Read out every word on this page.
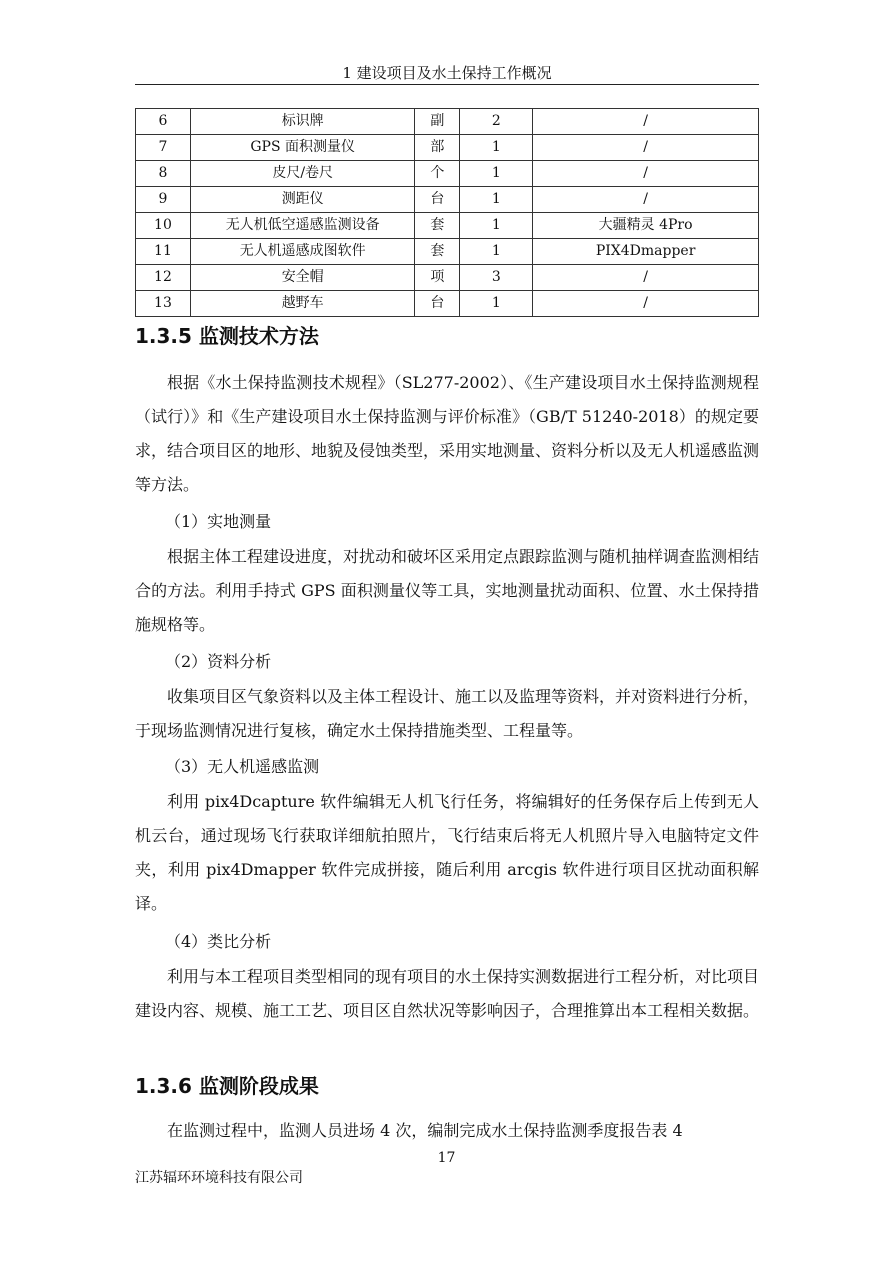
1 建设项目及水土保持工作概况
6	标识牌	副	2	/
7	GPS 面积测量仪	部	1	/
8	皮尺/卷尺	个	1	/
9	测距仪	台	1	/
10	无人机低空遥感监测设备	套	1	大疆精灵 4Pro
11	无人机遥感成图软件	套	1	PIX4Dmapper
12	安全帽	项	3	/
13	越野车	台	1	/
1.3.5 监测技术方法

根据《水土保持监测技术规程》（SL277-2002）、《生产建设项目水土保持监测规程（试行）》和《生产建设项目水土保持监测与评价标准》（GB/T 51240-2018）的规定要求，结合项目区的地形、地貌及侵蚀类型，采用实地测量、资料分析以及无人机遥感监测等方法。

（1）实地测量

根据主体工程建设进度，对扰动和破坏区采用定点跟踪监测与随机抽样调查监测相结合的方法。利用手持式 GPS 面积测量仪等工具，实地测量扰动面积、位置、水土保持措施规格等。

（2）资料分析

收集项目区气象资料以及主体工程设计、施工以及监理等资料，并对资料进行分析，于现场监测情况进行复核，确定水土保持措施类型、工程量等。

（3）无人机遥感监测

利用 pix4Dcapture 软件编辑无人机飞行任务，将编辑好的任务保存后上传到无人机云台，通过现场飞行获取详细航拍照片，飞行结束后将无人机照片导入电脑特定文件夹，利用 pix4Dmapper 软件完成拼接，随后利用 arcgis 软件进行项目区扰动面积解译。

（4）类比分析

利用与本工程项目类型相同的现有项目的水土保持实测数据进行工程分析，对比项目建设内容、规模、施工工艺、项目区自然状况等影响因子，合理推算出本工程相关数据。

1.3.6 监测阶段成果

在监测过程中，监测人员进场 4 次，编制完成水土保持监测季度报告表 4

17
江苏辐环环境科技有限公司
